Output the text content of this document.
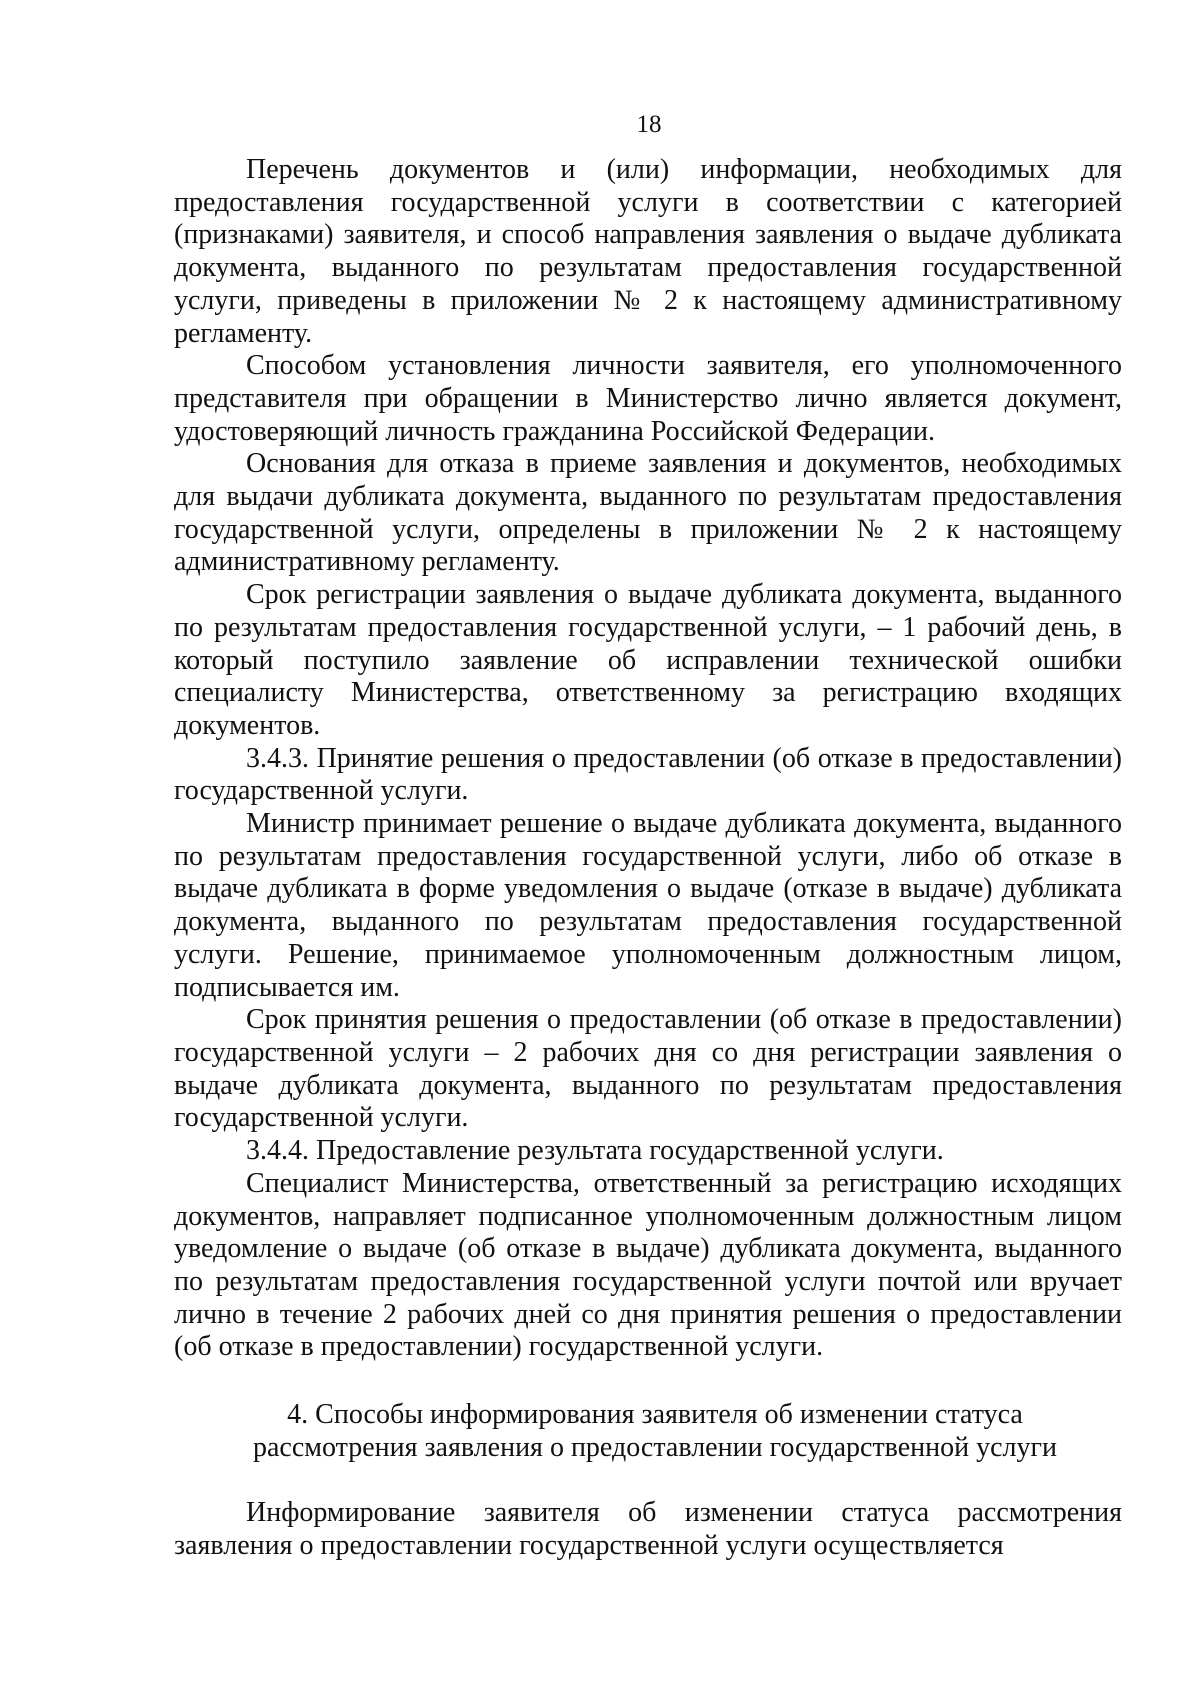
18

Перечень документов и (или) информации, необходимых для предоставления государственной услуги в соответствии с категорией (признаками) заявителя, и способ направления заявления о выдаче дубликата документа, выданного по результатам предоставления государственной услуги, приведены в приложении № 2 к настоящему административному регламенту.

Способом установления личности заявителя, его уполномоченного представителя при обращении в Министерство лично является документ, удостоверяющий личность гражданина Российской Федерации.

Основания для отказа в приеме заявления и документов, необходимых для выдачи дубликата документа, выданного по результатам предоставления государственной услуги, определены в приложении № 2 к настоящему административному регламенту.

Срок регистрации заявления о выдаче дубликата документа, выданного по результатам предоставления государственной услуги, – 1 рабочий день, в который поступило заявление об исправлении технической ошибки специалисту Министерства, ответственному за регистрацию входящих документов.

3.4.3. Принятие решения о предоставлении (об отказе в предоставлении) государственной услуги.

Министр принимает решение о выдаче дубликата документа, выданного по результатам предоставления государственной услуги, либо об отказе в выдаче дубликата в форме уведомления о выдаче (отказе в выдаче) дубликата документа, выданного по результатам предоставления государственной услуги. Решение, принимаемое уполномоченным должностным лицом, подписывается им.

Срок принятия решения о предоставлении (об отказе в предоставлении) государственной услуги – 2 рабочих дня со дня регистрации заявления о выдаче дубликата документа, выданного по результатам предоставления государственной услуги.

3.4.4. Предоставление результата государственной услуги.

Специалист Министерства, ответственный за регистрацию исходящих документов, направляет подписанное уполномоченным должностным лицом уведомление о выдаче (об отказе в выдаче) дубликата документа, выданного по результатам предоставления государственной услуги почтой или вручает лично в течение 2 рабочих дней со дня принятия решения о предоставлении (об отказе в предоставлении) государственной услуги.

4. Способы информирования заявителя об изменении статуса
рассмотрения заявления о предоставлении государственной услуги

Информирование заявителя об изменении статуса рассмотрения заявления о предоставлении государственной услуги осуществляется
